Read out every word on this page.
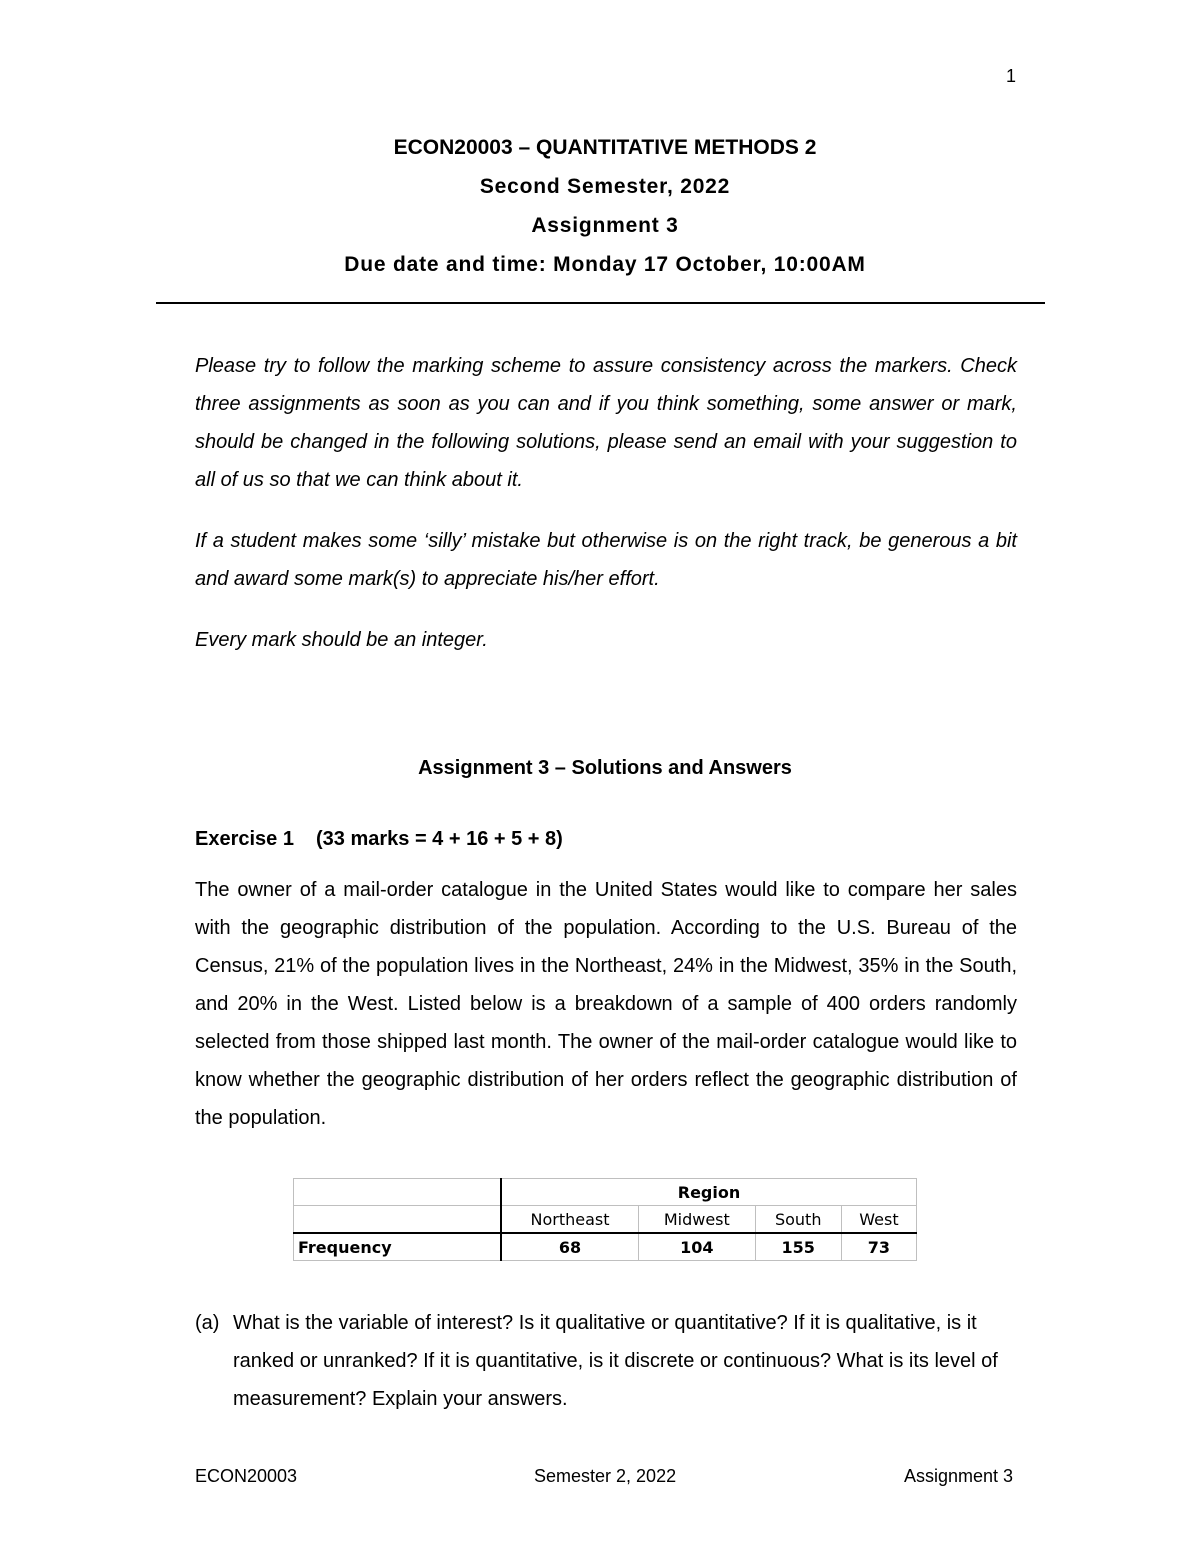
1
ECON20003 – QUANTITATIVE METHODS 2
Second Semester, 2022
Assignment 3
Due date and time: Monday 17 October, 10:00AM
Please try to follow the marking scheme to assure consistency across the markers. Check three assignments as soon as you can and if you think something, some answer or mark, should be changed in the following solutions, please send an email with your suggestion to all of us so that we can think about it.
If a student makes some ‘silly’ mistake but otherwise is on the right track, be generous a bit and award some mark(s) to appreciate his/her effort.
Every mark should be an integer.
Assignment 3 – Solutions and Answers
Exercise 1 (33 marks = 4 + 16 + 5 + 8)
The owner of a mail-order catalogue in the United States would like to compare her sales with the geographic distribution of the population. According to the U.S. Bureau of the Census, 21% of the population lives in the Northeast, 24% in the Midwest, 35% in the South, and 20% in the West. Listed below is a breakdown of a sample of 400 orders randomly selected from those shipped last month. The owner of the mail-order catalogue would like to know whether the geographic distribution of her orders reflect the geographic distribution of the population.
	Region			
	Northeast	Midwest	South	West
Frequency	68	104	155	73
(a) What is the variable of interest? Is it qualitative or quantitative? If it is qualitative, is it ranked or unranked? If it is quantitative, is it discrete or continuous? What is its level of measurement? Explain your answers.
ECON20003	Semester 2, 2022	Assignment 3
